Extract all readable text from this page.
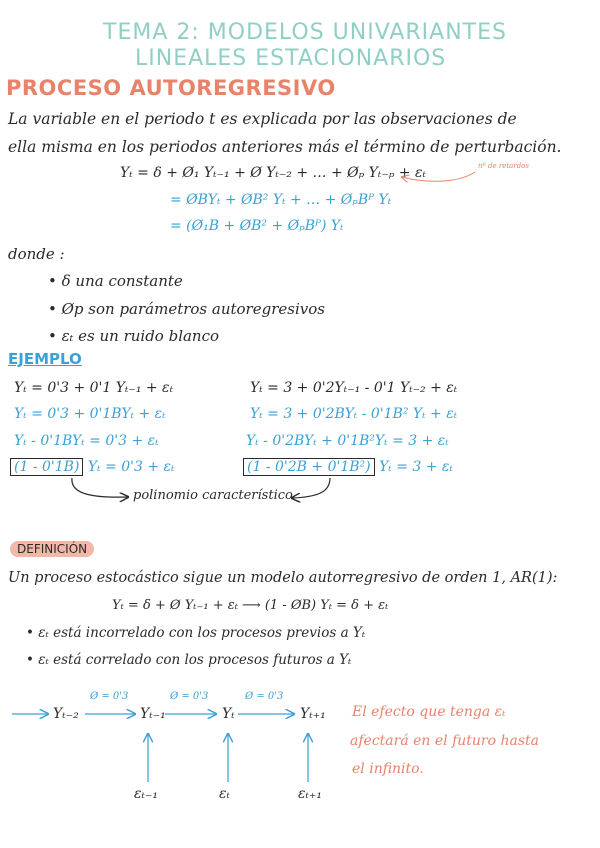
TEMA 2: MODELOS UNIVARIANTES
LINEALES ESTACIONARIOS
PROCESO AUTOREGRESIVO
La variable en el periodo t es explicada por las observaciones de
ella misma en los periodos anteriores más el término de perturbación.
Yₜ = δ + Ø₁ Yₜ₋₁ + Ø Yₜ₋₂ + … + Øₚ Yₜ₋ₚ + εₜ	nº de retardos
= ØBYₜ + ØB² Yₜ + … + ØₚBᴾ Yₜ
= (Ø₁B + ØB² + ØₚBᴾ) Yₜ
donde :
• δ una constante
• Øp son parámetros autoregresivos
• εₜ es un ruido blanco
EJEMPLO
Yₜ = 0'3 + 0'1 Yₜ₋₁ + εₜ
Yₜ = 0'3 + 0'1BYₜ + εₜ
Yₜ - 0'1BYₜ = 0'3 + εₜ
(1 - 0'1B) Yₜ = 0'3 + εₜ
Yₜ = 3 + 0'2Yₜ₋₁ - 0'1 Yₜ₋₂ + εₜ
Yₜ = 3 + 0'2BYₜ - 0'1B² Yₜ + εₜ
Yₜ - 0'2BYₜ + 0'1B²Yₜ = 3 + εₜ
(1 - 0'2B + 0'1B²) Yₜ = 3 + εₜ
polinomio característico
DEFINICIÓN
Un proceso estocástico sigue un modelo autorregresivo de orden 1, AR(1):
Yₜ = δ + Ø Yₜ₋₁ + εₜ ⟶ (1 - ØB) Yₜ = δ + εₜ
• εₜ está incorrelado con los procesos previos a Yₜ
• εₜ está correlado con los procesos futuros a Yₜ
Yₜ₋₂	Yₜ₋₁	Yₜ	Yₜ₊₁
Ø = 0'3	Ø = 0'3	Ø = 0'3
εₜ₋₁	εₜ	εₜ₊₁
El efecto que tenga εₜ
afectará en el futuro hasta
el infinito.
